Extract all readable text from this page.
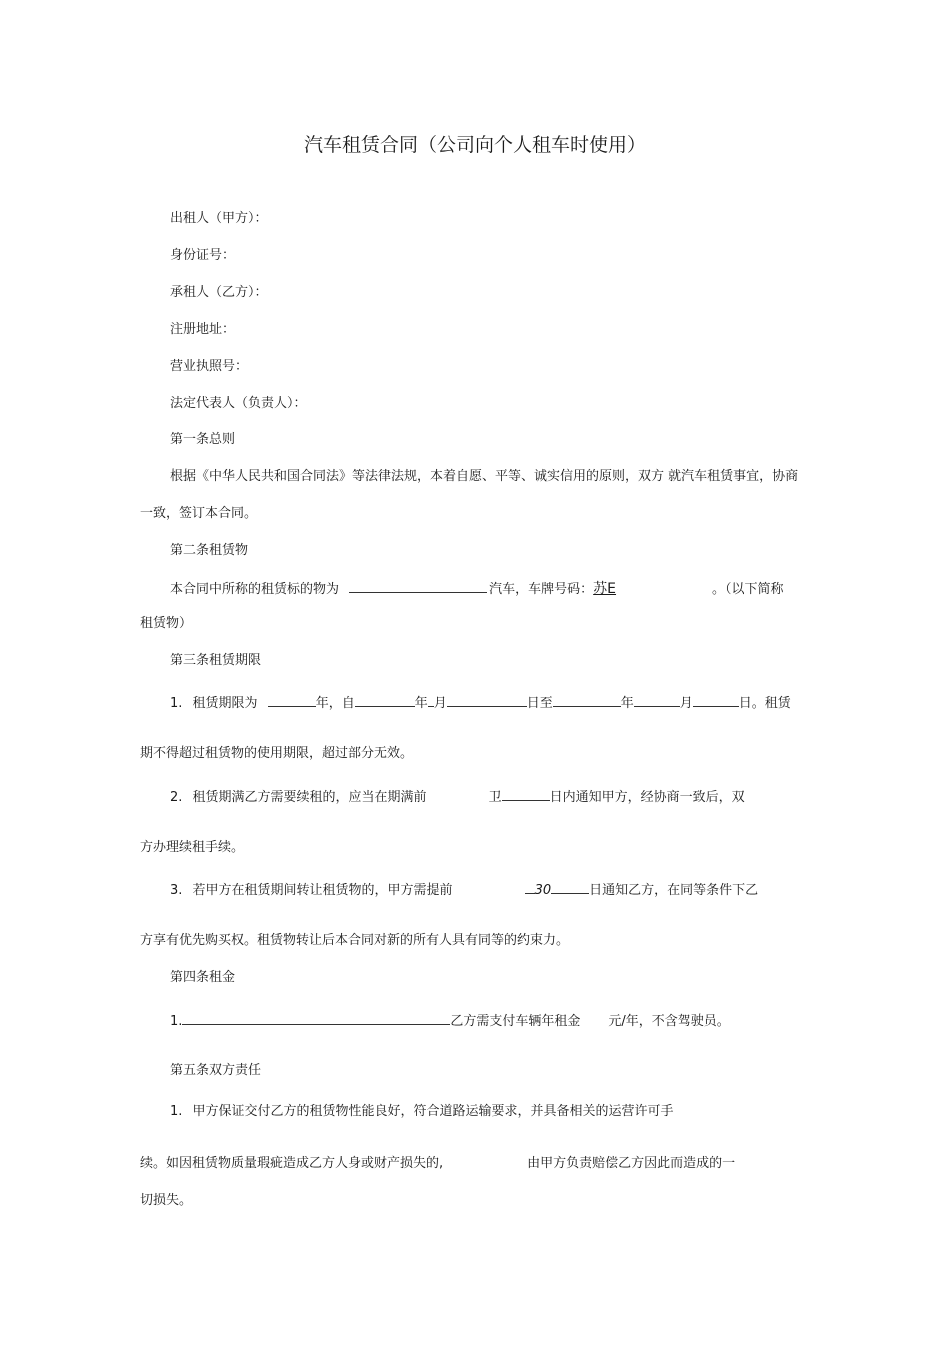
汽车租赁合同（公司向个人租车时使用）
出租人（甲方）：
身份证号：
承租人（乙方）：
注册地址：
营业执照号：
法定代表人（负责人）：
第一条总则
根据《中华人民共和国合同法》等法律法规，本着自愿、平等、诚实信用的原则，双方 就汽车租赁事宜，协商
一致，签订本合同。
第二条租赁物
本合同中所称的租赁标的物为	汽车，车牌号码：苏E	。（以下简称
租赁物）
第三条租赁期限
1. 租赁期限为	年，自	年 月	日至	年	月	日。租赁
期不得超过租赁物的使用期限，超过部分无效。
2. 租赁期满乙方需要续租的，应当在期满前	卫	日内通知甲方，经协商一致后，双
方办理续租手续。
3. 若甲方在租赁期间转让租赁物的，甲方需提前	30	日通知乙方，在同等条件下乙
方享有优先购买权。租赁物转让后本合同对新的所有人具有同等的约束力。
第四条租金
1.	乙方需支付车辆年租金 元/年，不含驾驶员。
第五条双方责任
1. 甲方保证交付乙方的租赁物性能良好，符合道路运输要求，并具备相关的运营许可手
续。如因租赁物质量瑕疵造成乙方人身或财产损失的,	由甲方负责赔偿乙方因此而造成的一
切损失。
